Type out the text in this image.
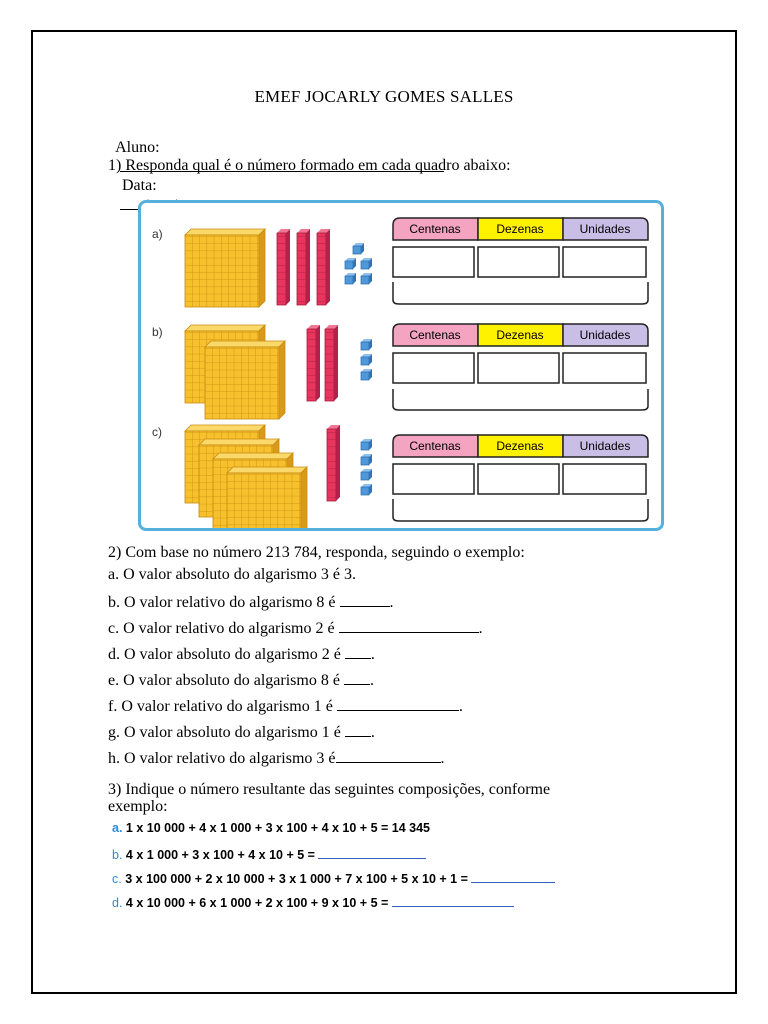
EMEF JOCARLY GOMES SALLES

Aluno:

Data:

1) Responda qual é o número formado em cada quadro abaixo:
a)
b)
c)
Centenas	Dezenas	Unidades
Centenas	Dezenas	Unidades
Centenas	Dezenas	Unidades
2) Com base no número 213 784, responda, seguindo o exemplo:
a. O valor absoluto do algarismo 3 é 3.
b. O valor relativo do algarismo 8 é	.
c. O valor relativo do algarismo 2 é	.
d. O valor absoluto do algarismo 2 é .
e. O valor absoluto do algarismo 8 é .
f. O valor relativo do algarismo 1 é	.
g. O valor absoluto do algarismo 1 é .
h. O valor relativo do algarismo 3 é	.
3) Indique o número resultante das seguintes composições, conforme
exemplo:
a. 1 x 10 000 + 4 x 1 000 + 3 x 100 + 4 x 10 + 5 = 14 345
b. 4 x 1 000 + 3 x 100 + 4 x 10 + 5 =
c. 3 x 100 000 + 2 x 10 000 + 3 x 1 000 + 7 x 100 + 5 x 10 + 1 =
d. 4 x 10 000 + 6 x 1 000 + 2 x 100 + 9 x 10 + 5 =
